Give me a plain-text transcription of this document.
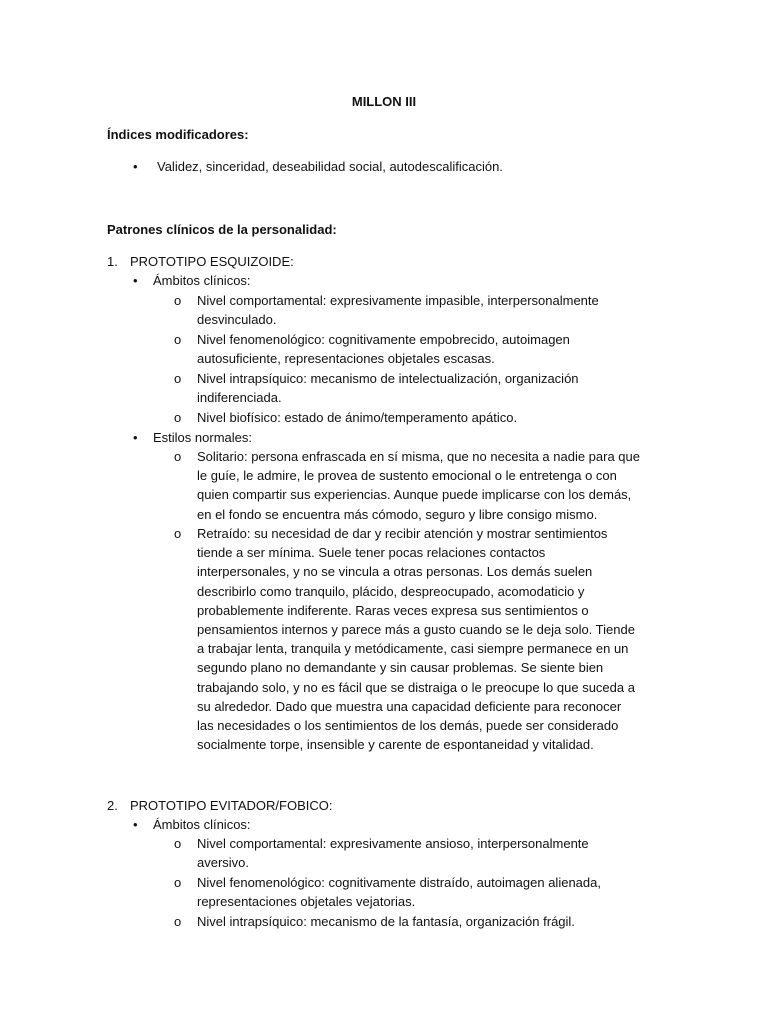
MILLON III
Índices modificadores:
• Validez, sinceridad, deseabilidad social, autodescalificación.
Patrones clínicos de la personalidad:
1. PROTOTIPO ESQUIZOIDE:
• Ámbitos clínicos:
o Nivel comportamental: expresivamente impasible, interpersonalmente
desvinculado.
o Nivel fenomenológico: cognitivamente empobrecido, autoimagen
autosuficiente, representaciones objetales escasas.
o Nivel intrapsíquico: mecanismo de intelectualización, organización
indiferenciada.
o Nivel biofísico: estado de ánimo/temperamento apático.
• Estilos normales:
o Solitario: persona enfrascada en sí misma, que no necesita a nadie para que
le guíe, le admire, le provea de sustento emocional o le entretenga o con
quien compartir sus experiencias. Aunque puede implicarse con los demás,
en el fondo se encuentra más cómodo, seguro y libre consigo mismo.
o Retraído: su necesidad de dar y recibir atención y mostrar sentimientos
tiende a ser mínima. Suele tener pocas relaciones contactos
interpersonales, y no se vincula a otras personas. Los demás suelen
describirlo como tranquilo, plácido, despreocupado, acomodaticio y
probablemente indiferente. Raras veces expresa sus sentimientos o
pensamientos internos y parece más a gusto cuando se le deja solo. Tiende
a trabajar lenta, tranquila y metódicamente, casi siempre permanece en un
segundo plano no demandante y sin causar problemas. Se siente bien
trabajando solo, y no es fácil que se distraiga o le preocupe lo que suceda a
su alrededor. Dado que muestra una capacidad deficiente para reconocer
las necesidades o los sentimientos de los demás, puede ser considerado
socialmente torpe, insensible y carente de espontaneidad y vitalidad.
2. PROTOTIPO EVITADOR/FOBICO:
• Ámbitos clínicos:
o Nivel comportamental: expresivamente ansioso, interpersonalmente
aversivo.
o Nivel fenomenológico: cognitivamente distraído, autoimagen alienada,
representaciones objetales vejatorias.
o Nivel intrapsíquico: mecanismo de la fantasía, organización frágil.
